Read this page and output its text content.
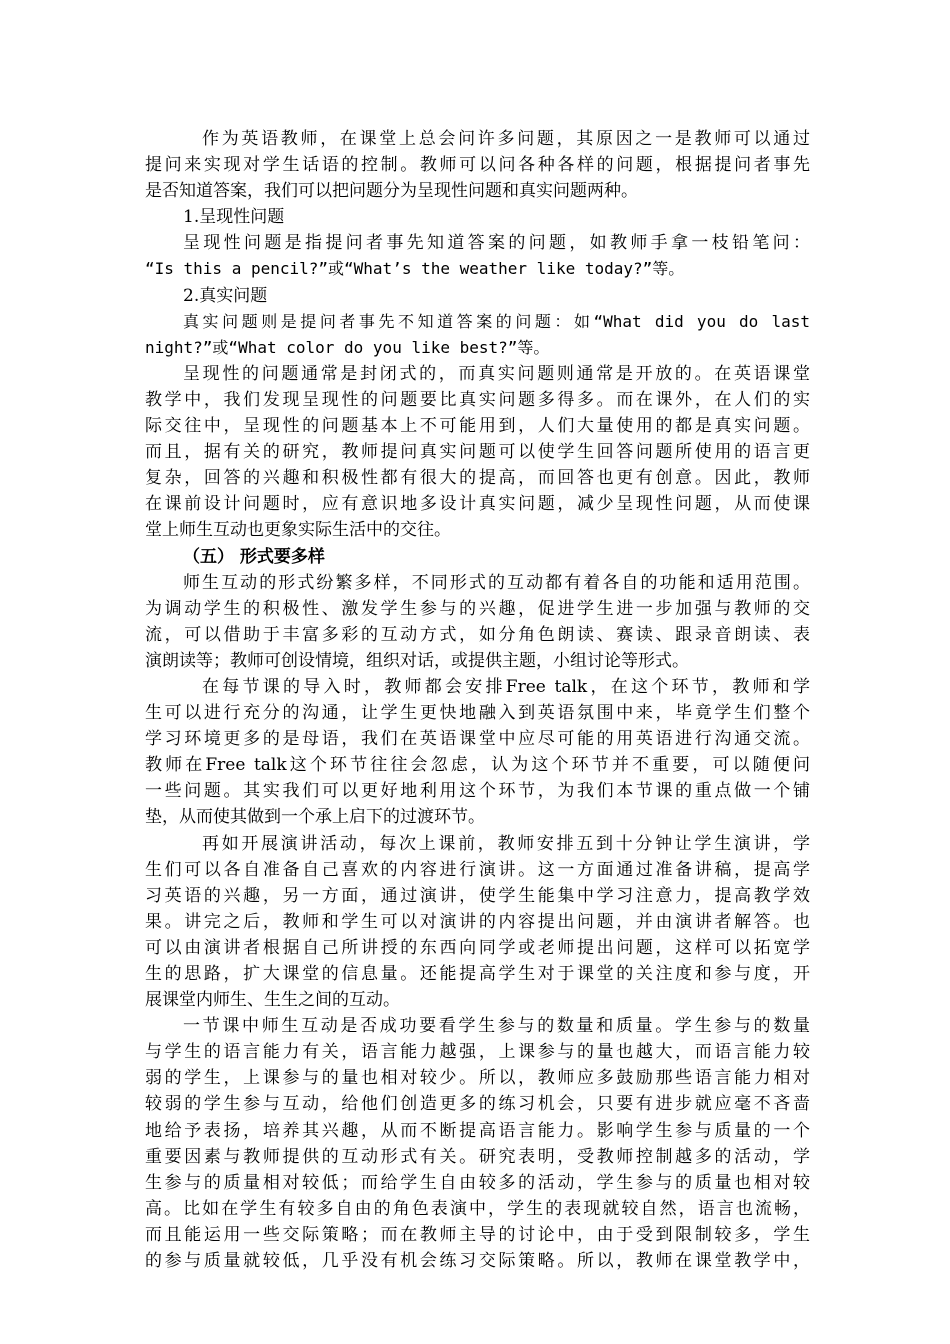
作为英语教师，在课堂上总会问许多问题，其原因之一是教师可以通过
提问来实现对学生话语的控制。教师可以问各种各样的问题，根据提问者事先
是否知道答案，我们可以把问题分为呈现性问题和真实问题两种。
1.呈现性问题
呈现性问题是指提问者事先知道答案的问题，如教师手拿一枝铅笔问：
“Is this a pencil?”或“What’s the weather like today?”等。
2.真实问题
真实问题则是提问者事先不知道答案的问题：如“What did you do last
night?”或“What color do you like best?”等。
呈现性的问题通常是封闭式的，而真实问题则通常是开放的。在英语课堂
教学中，我们发现呈现性的问题要比真实问题多得多。而在课外，在人们的实
际交往中，呈现性的问题基本上不可能用到，人们大量使用的都是真实问题。
而且，据有关的研究，教师提问真实问题可以使学生回答问题所使用的语言更
复杂，回答的兴趣和积极性都有很大的提高，而回答也更有创意。因此，教师
在课前设计问题时，应有意识地多设计真实问题，减少呈现性问题，从而使课
堂上师生互动也更象实际生活中的交往。
（五） 形式要多样
师生互动的形式纷繁多样，不同形式的互动都有着各自的功能和适用范围。
为调动学生的积极性、激发学生参与的兴趣，促进学生进一步加强与教师的交
流，可以借助于丰富多彩的互动方式，如分角色朗读、赛读、跟录音朗读、表
演朗读等；教师可创设情境，组织对话，或提供主题，小组讨论等形式。
在每节课的导入时，教师都会安排Free talk，在这个环节，教师和学
生可以进行充分的沟通，让学生更快地融入到英语氛围中来，毕竟学生们整个
学习环境更多的是母语，我们在英语课堂中应尽可能的用英语进行沟通交流。
教师在Free talk这个环节往往会忽虑，认为这个环节并不重要，可以随便问
一些问题。其实我们可以更好地利用这个环节，为我们本节课的重点做一个铺
垫，从而使其做到一个承上启下的过渡环节。
再如开展演讲活动，每次上课前，教师安排五到十分钟让学生演讲，学
生们可以各自准备自己喜欢的内容进行演讲。这一方面通过准备讲稿，提高学
习英语的兴趣，另一方面，通过演讲，使学生能集中学习注意力，提高教学效
果。讲完之后，教师和学生可以对演讲的内容提出问题，并由演讲者解答。也
可以由演讲者根据自己所讲授的东西向同学或老师提出问题，这样可以拓宽学
生的思路，扩大课堂的信息量。还能提高学生对于课堂的关注度和参与度，开
展课堂内师生、生生之间的互动。
一节课中师生互动是否成功要看学生参与的数量和质量。学生参与的数量
与学生的语言能力有关，语言能力越强，上课参与的量也越大，而语言能力较
弱的学生，上课参与的量也相对较少。所以，教师应多鼓励那些语言能力相对
较弱的学生参与互动，给他们创造更多的练习机会，只要有进步就应毫不吝啬
地给予表扬，培养其兴趣，从而不断提高语言能力。影响学生参与质量的一个
重要因素与教师提供的互动形式有关。研究表明，受教师控制越多的活动，学
生参与的质量相对较低；而给学生自由较多的活动，学生参与的质量也相对较
高。比如在学生有较多自由的角色表演中，学生的表现就较自然，语言也流畅，
而且能运用一些交际策略；而在教师主导的讨论中，由于受到限制较多，学生
的参与质量就较低，几乎没有机会练习交际策略。所以，教师在课堂教学中，
